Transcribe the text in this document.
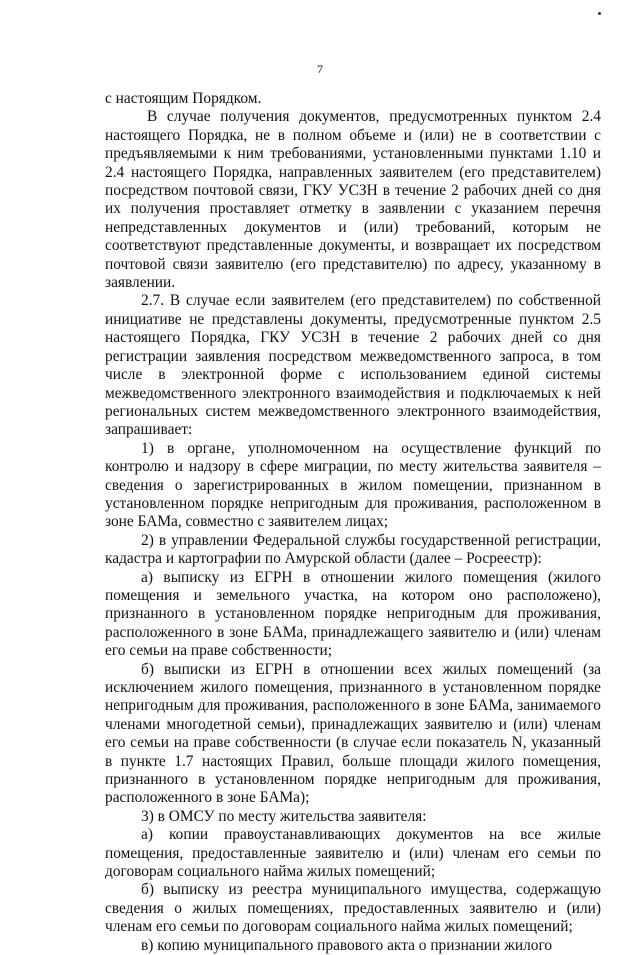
7

с настоящим Порядком.

В случае получения документов, предусмотренных пунктом 2.4 настоящего Порядка, не в полном объеме и (или) не в соответствии с предъявляемыми к ним требованиями, установленными пунктами 1.10 и 2.4 настоящего Порядка, направленных заявителем (его представителем) посредством почтовой связи, ГКУ УСЗН в течение 2 рабочих дней со дня их получения проставляет отметку в заявлении с указанием перечня непредставленных документов и (или) требований, которым не соответствуют представленные документы, и возвращает их посредством почтовой связи заявителю (его представителю) по адресу, указанному в заявлении.

2.7. В случае если заявителем (его представителем) по собственной инициативе не представлены документы, предусмотренные пунктом 2.5 настоящего Порядка, ГКУ УСЗН в течение 2 рабочих дней со дня регистрации заявления посредством межведомственного запроса, в том числе в электронной форме с использованием единой системы межведомственного электронного взаимодействия и подключаемых к ней региональных систем межведомственного электронного взаимодействия, запрашивает:

1) в органе, уполномоченном на осуществление функций по контролю и надзору в сфере миграции, по месту жительства заявителя – сведения о зарегистрированных в жилом помещении, признанном в установленном порядке непригодным для проживания, расположенном в зоне БАМа, совместно с заявителем лицах;

2) в управлении Федеральной службы государственной регистрации, кадастра и картографии по Амурской области (далее – Росреестр):

а) выписку из ЕГРН в отношении жилого помещения (жилого помещения и земельного участка, на котором оно расположено), признанного в установленном порядке непригодным для проживания, расположенного в зоне БАМа, принадлежащего заявителю и (или) членам его семьи на праве собственности;

б) выписки из ЕГРН в отношении всех жилых помещений (за исключением жилого помещения, признанного в установленном порядке непригодным для проживания, расположенного в зоне БАМа, занимаемого членами многодетной семьи), принадлежащих заявителю и (или) членам его семьи на праве собственности (в случае если показатель N, указанный в пункте 1.7 настоящих Правил, больше площади жилого помещения, признанного в установленном порядке непригодным для проживания, расположенного в зоне БАМа);

3) в ОМСУ по месту жительства заявителя:

а) копии правоустанавливающих документов на все жилые помещения, предоставленные заявителю и (или) членам его семьи по договорам социального найма жилых помещений;

б) выписку из реестра муниципального имущества, содержащую сведения о жилых помещениях, предоставленных заявителю и (или) членам его семьи по договорам социального найма жилых помещений;

в) копию муниципального правового акта о признании жилого
